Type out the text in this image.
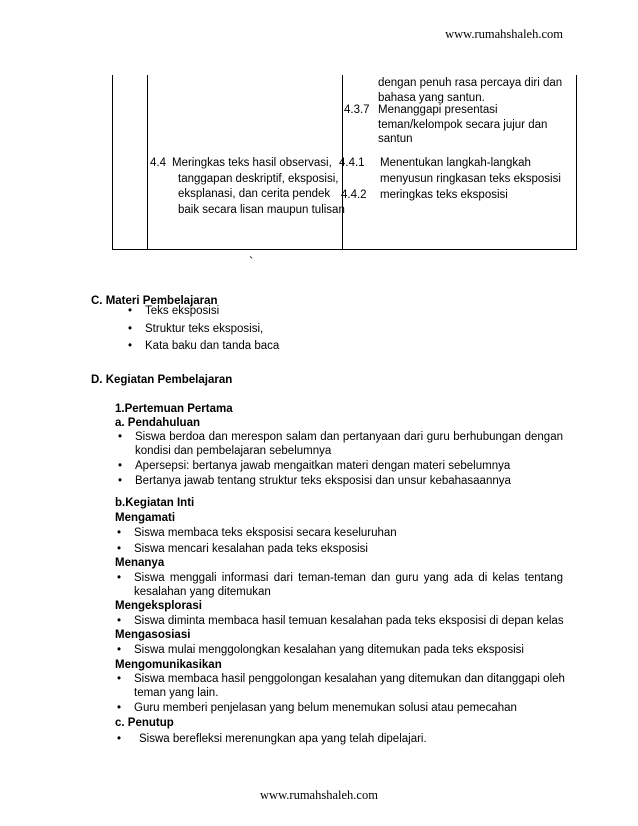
www.rumahshaleh.com
dengan penuh rasa percaya diri dan
bahasa yang santun.
4.3.7 Menanggapi presentasi
teman/kelompok secara jujur dan
santun
4.4 Meringkas teks hasil observasi,
tanggapan deskriptif, eksposisi,
eksplanasi, dan cerita pendek
baik secara lisan maupun tulisan
4.4.1 Menentukan langkah-langkah
menyusun ringkasan teks eksposisi
4.4.2 meringkas teks eksposisi
`
C. Materi Pembelajaran
• Teks eksposisi
• Struktur teks eksposisi,
• Kata baku dan tanda baca
D. Kegiatan Pembelajaran
1.Pertemuan Pertama
a. Pendahuluan
• Siswa berdoa dan merespon salam dan pertanyaan dari guru berhubungan dengan
kondisi dan pembelajaran sebelumnya
• Apersepsi: bertanya jawab mengaitkan materi dengan materi sebelumnya
• Bertanya jawab tentang struktur teks eksposisi dan unsur kebahasaannya
b.Kegiatan Inti
Mengamati
• Siswa membaca teks eksposisi secara keseluruhan
• Siswa mencari kesalahan pada teks eksposisi
Menanya
• Siswa menggali informasi dari teman-teman dan guru yang ada di kelas tentang
kesalahan yang ditemukan
Mengeksplorasi
• Siswa diminta membaca hasil temuan kesalahan pada teks eksposisi di depan kelas
Mengasosiasi
• Siswa mulai menggolongkan kesalahan yang ditemukan pada teks eksposisi
Mengomunikasikan
• Siswa membaca hasil penggolongan kesalahan yang ditemukan dan ditanggapi oleh
teman yang lain.
• Guru memberi penjelasan yang belum menemukan solusi atau pemecahan
c. Penutup
• Siswa berefleksi merenungkan apa yang telah dipelajari.
www.rumahshaleh.com
